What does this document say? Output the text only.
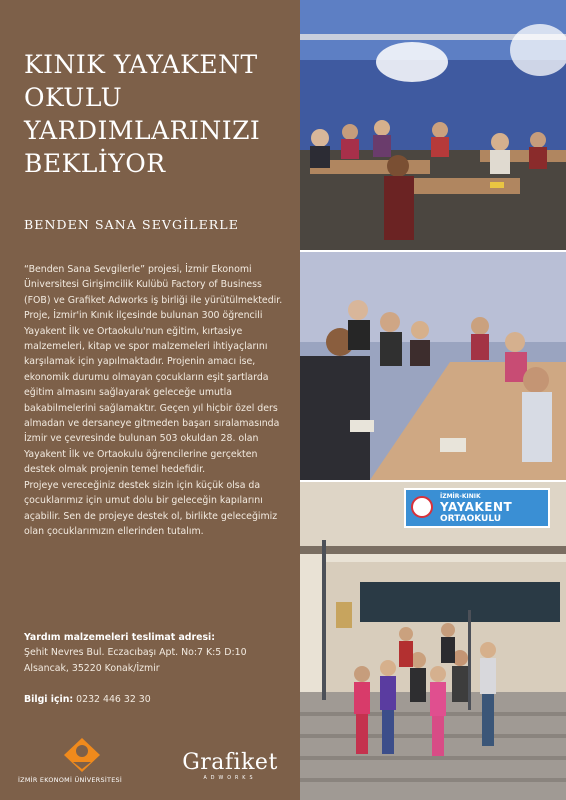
KINIK YAYAKENT
OKULU
YARDIMLARINIZI
BEKLİYOR
BENDEN SANA SEVGİLERLE

“Benden Sana Sevgilerle” projesi, İzmir Ekonomi Üniversitesi Girişimcilik Kulübü Factory of Business (FOB) ve Grafiket Adworks iş birliği ile yürütülmektedir. Proje, İzmir'in Kınık ilçesinde bulunan 300 öğrencili Yayakent İlk ve Ortaokulu'nun eğitim, kırtasiye malzemeleri, kitap ve spor malzemeleri ihtiyaçlarını karşılamak için yapılmaktadır. Projenin amacı ise, ekonomik durumu olmayan çocukların eşit şartlarda eğitim almasını sağlayarak geleceğe umutla bakabilmelerini sağlamaktır. Geçen yıl hiçbir özel ders almadan ve dersaneye gitmeden başarı sıralamasında İzmir ve çevresinde bulunan 503 okuldan 28. olan Yayakent İlk ve Ortaokulu öğrencilerine gerçekten destek olmak projenin temel hedefidir.

Projeye vereceğiniz destek sizin için küçük olsa da çocuklarımız için umut dolu bir geleceğin kapılarını açabilir. Sen de projeye destek ol, birlikte geleceğimiz olan çocuklarımızın ellerinden tutalım.

Yardım malzemeleri teslimat adresi:
Şehit Nevres Bul. Eczacıbaşı Apt. No:7 K:5 D:10
Alsancak, 35220 Konak/İzmir
Bilgi için: 0232 446 32 30
İZMİR EKONOMİ ÜNİVERSİTESİ
Grafiket
ADWORKS
İZMİR-KINIK
YAYAKENT
ORTAOKULU
